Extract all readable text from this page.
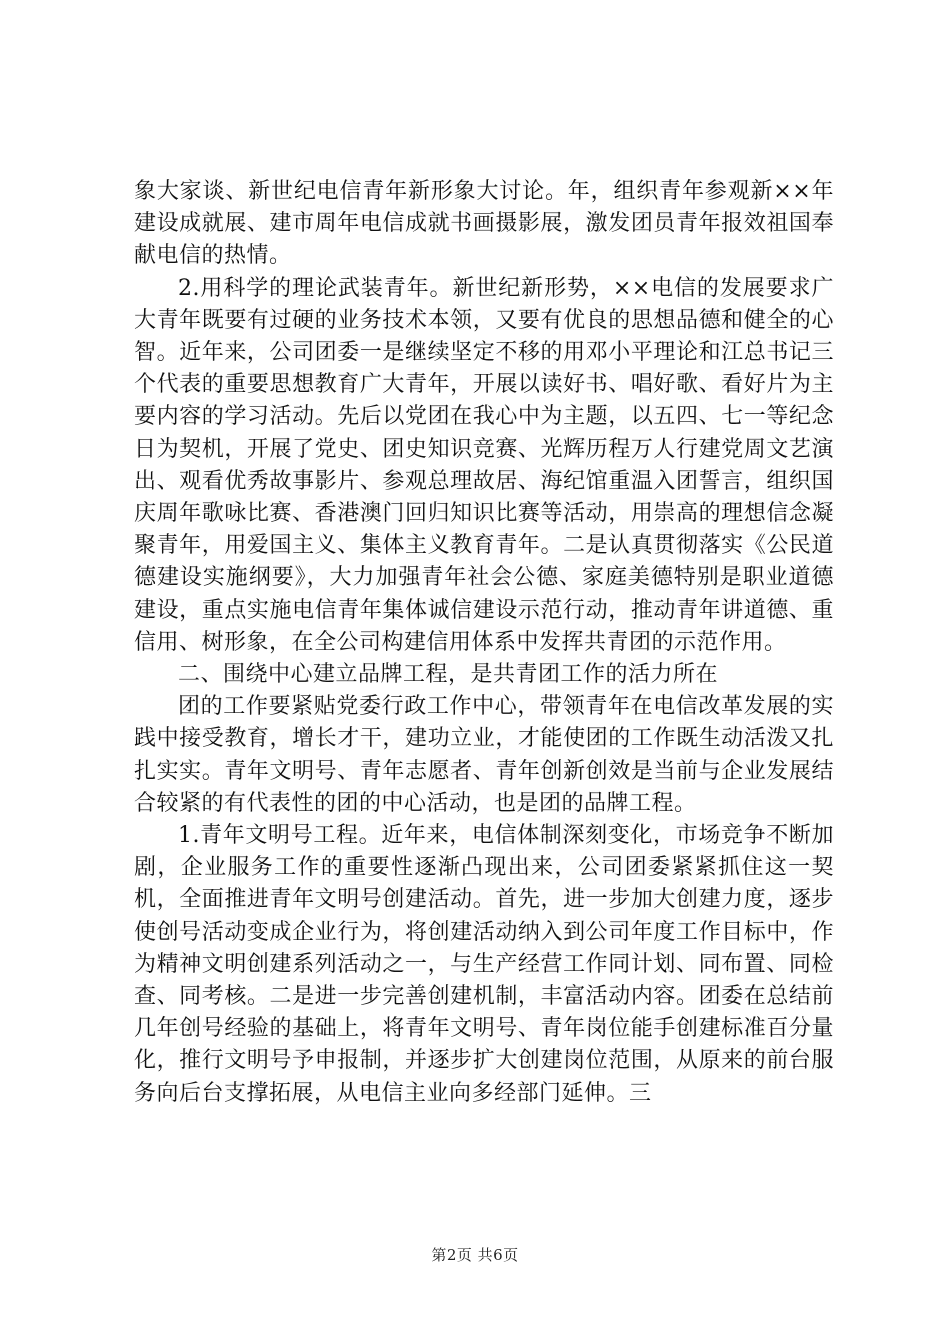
象大家谈、新世纪电信青年新形象大讨论。年，组织青年参观新××年建设成就展、建市周年电信成就书画摄影展，激发团员青年报效祖国奉献电信的热情。

2.用科学的理论武装青年。新世纪新形势，××电信的发展要求广大青年既要有过硬的业务技术本领，又要有优良的思想品德和健全的心智。近年来，公司团委一是继续坚定不移的用邓小平理论和江总书记三个代表的重要思想教育广大青年，开展以读好书、唱好歌、看好片为主要内容的学习活动。先后以党团在我心中为主题，以五四、七一等纪念日为契机，开展了党史、团史知识竞赛、光辉历程万人行建党周文艺演出、观看优秀故事影片、参观总理故居、海纪馆重温入团誓言，组织国庆周年歌咏比赛、香港澳门回归知识比赛等活动，用崇高的理想信念凝聚青年，用爱国主义、集体主义教育青年。二是认真贯彻落实《公民道德建设实施纲要》，大力加强青年社会公德、家庭美德特别是职业道德建设，重点实施电信青年集体诚信建设示范行动，推动青年讲道德、重信用、树形象，在全公司构建信用体系中发挥共青团的示范作用。

二、围绕中心建立品牌工程，是共青团工作的活力所在

团的工作要紧贴党委行政工作中心，带领青年在电信改革发展的实践中接受教育，增长才干，建功立业，才能使团的工作既生动活泼又扎扎实实。青年文明号、青年志愿者、青年创新创效是当前与企业发展结合较紧的有代表性的团的中心活动，也是团的品牌工程。

1.青年文明号工程。近年来，电信体制深刻变化，市场竞争不断加剧，企业服务工作的重要性逐渐凸现出来，公司团委紧紧抓住这一契机，全面推进青年文明号创建活动。首先，进一步加大创建力度，逐步使创号活动变成企业行为，将创建活动纳入到公司年度工作目标中，作为精神文明创建系列活动之一，与生产经营工作同计划、同布置、同检查、同考核。二是进一步完善创建机制，丰富活动内容。团委在总结前几年创号经验的基础上，将青年文明号、青年岗位能手创建标准百分量化，推行文明号予申报制，并逐步扩大创建岗位范围，从原来的前台服务向后台支撑拓展，从电信主业向多经部门延伸。三

第2页 共6页
